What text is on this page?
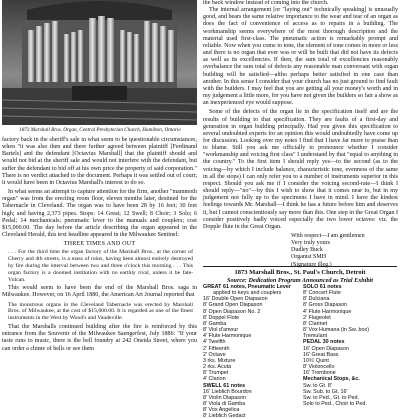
1873 Marshall Bros. Organ, Central Presbyterian Church, Hamilton, Ontario

factory back in the sheriff's sale in what seem to be questionable circumstances, when "it was also then and there further agreed between plaintiff [Ferdinand Bartels] and the defendant [Octavius Marshall] that the plaintiff should and would not bid at the sheriff sale and would not interfere with the defendant, but suffer the defendant to bid off at his own price the property of said corporation." There is no verdict attached to the document. Perhaps it was settled out of court; it would have been in Octavius Marshall's interest to do so.

In what seems an attempt to capture attention for the firm, another "mammoth organ" was from the erecting room floor, eleven months later, destined for the Tabernacle in Cleveland. The organ was to have been 28 by 16 feet; 30 feet high; and having 2,373 pipes. Stops: 14 Great; 12 Swell; 8 Choir; 3 Solo; 6 Pedal; 14 mechanicals; pneumatic lever to the manuals and couplers; cost $15,000.00. The day before the article describing the organ appeared in the Cleveland Herald, this text headline appeared in the Milwaukee Sentinel:

THREE TIMES AND OUT

. . . For the third time the organ factory of the Marshall Bros., at the corner of Cherry and 4th streets, is a mass of ruins, having been almost entirely destroyed by fire during the interval between two and three o'clock this morning . . . This organ factory is a doomed institution with no earthly rival, unless it be fate-Vulcan.

This would seem to have been the end of the Marshall Bros. saga in Milwaukee. However, on 16 April 1880, the American Art Journal reported that

The monstrous organs in the Cleveland Tabernacle was erected by Marshall Bros. of Milwaukee, at the cost of $15,000.00. It is regarded as one of the finest instruments in the West by Wood's and Vaudeville.

That the Marshalls continued building after the fire is reinforced by this entrance from the Souvenir of the Milwaukee Saengerfest, July 1886: "If your taste runs to music, there is the bell foundry at 242 Oneida Street, where you can order a chime of bells or see them

the back window instead of coming into the church.

The internal arrangement [or "laying out" technically speaking] is unusually good, and bears the same relative importance to the wear and tear of an organ as does the fact of convenience of access as to repairs in a building. The workmanship seems everywhere of the most thorough description and the material used first-class. The pneumatic action is remarkably prompt and reliable. Now when you come to tone, the element of tone comes in more or less and there is no organ that ever was or will be built that did not have its defects as well as its excellencies. If then, the sum total of excellencies reasonably overbalance the sum total of defects any reasonable man conversant with organ building will be satisfied—altho perhaps better satisfied in one case than another. In this sense I consider that your church has no just ground to find fault with the builders. I may feel that you are getting all your money's worth and in my judgement a little more, for you have not given the builders so fair a show as an inexperienced eye would suppose.

Some of the defects of the organ lie in the specification itself and are the results of building to that specification. They are faults of a first-day and generation in organ building principally. Had you given this specification to several undoubted experts for an opinion this would undoubtedly have come up for discussion. Looking over my notes I find that I have far more to praise than to blame. Still you ask me officially to pronounce whether I consider "workmanship and voicing first class" I understand by that "equal to anything in the country." To the first item I should reply yes—to the second (as to the voicing—by which I include balance, characteristic tone, evenness of the same in all the stops) I can only refer you to a number of instruments superior in this respect. Should you ask me if I consider the voicing second-rate—I think I should reply—"no"—by this I wish to show that it comes near to, but in my judgement not fully up to the specimens I have in mind. I have the kindest feelings towards Mr. Marshall—I think he has a future before him and deserves it, but I cannot conscientiously say more than this. One step in the Great Organ I consider positively badly voiced especially the two lower octaves: viz. the Dopple flute in the Great Organ.

With respect—I am gentlemen
Very truly yours
Dudley Buck
Organist SMH
(Signature illeg.)
1873 Marshall Bros., St. Paul's Church, Detroit
Source: Dedication Program Announced as Trial Exhibit
GREAT 61 notes, Pneumatic Lever
applied to keys and couplers
16' Double Open Diapason
8' Grand Open Diapason
8' Open Diapason No. 2
8' Doppel Flote
8' Gamba
8' Viol d'amour
4' Flute Harmonique
4' Twelfth
2' Fifteenth
2' Octave
3 rks. Mixture
2 rks. Acuta
8' Trumpet
4' Clarion
SWELL 61 notes
16' Lieblich Bourdon
8' Violin Diapason
8' Viola di Gamba
8' Vox Angelica
8' Lieblich Gedact
SOLO 61 notes
8' Concert Flute
8' Dulciana
8' Gross Diapason
4' Flute Harmonique
2' Flageolet
8' Clarinet
8' Vox Humana (in Sw. box)
Tremulant
PEDAL 30 notes
16' Open Diapason
16' Great Bass
10⅔' Quint
8' Violoncello
16' Trombone
Mechanical Stops, &c.
Sw. to Gt. 8'
Sw. Sub. to Gt. 16'
Sw. to Ped., Gt. to Ped.
Solo to Ped., Choir to Ped.
